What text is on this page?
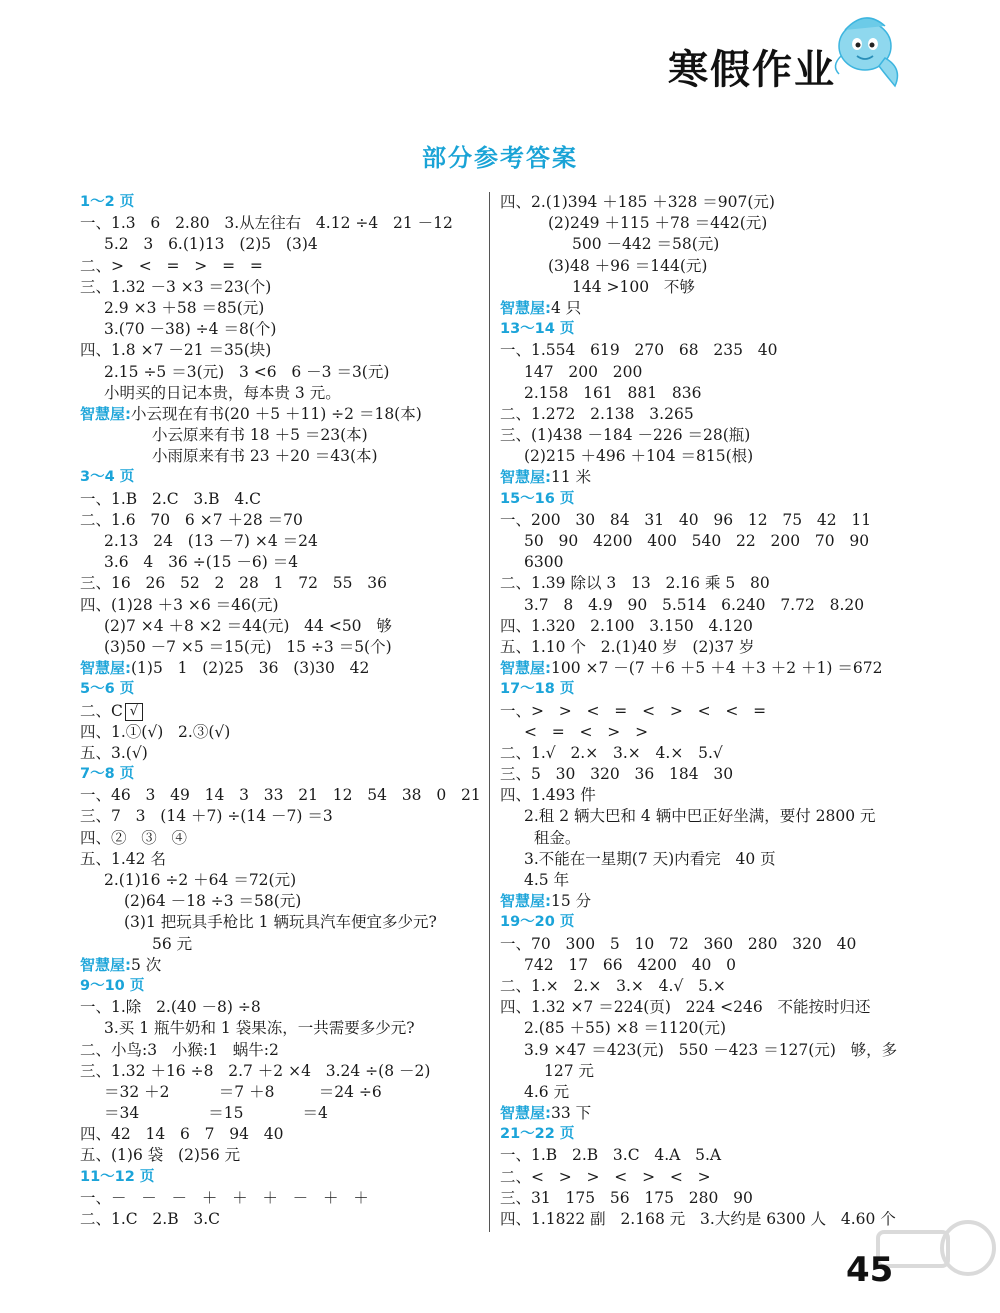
寒假作业
部分参考答案
1～2 页
一、1.3   6   2.80   3.从左往右   4.12 ÷4   21 －12
5.2   3   6.(1)13   (2)5   (3)4
二、>   <   =   >   =   =
三、1.32 －3 ×3 ＝23(个)
2.9 ×3 ＋58 ＝85(元)
3.(70 －38) ÷4 ＝8(个)
四、1.8 ×7 －21 ＝35(块)
2.15 ÷5 ＝3(元)   3 <6   6 －3 ＝3(元)
小明买的日记本贵，每本贵 3 元。
智慧屋:小云现在有书(20 ＋5 ＋11) ÷2 ＝18(本)
小云原来有书 18 ＋5 ＝23(本)
小雨原来有书 23 ＋20 ＝43(本)
3～4 页
一、1.B   2.C   3.B   4.C
二、1.6   70   6 ×7 ＋28 ＝70
2.13   24   (13 －7) ×4 ＝24
3.6   4   36 ÷(15 －6) ＝4
三、16   26   52   2   28   1   72   55   36
四、(1)28 ＋3 ×6 ＝46(元)
(2)7 ×4 ＋8 ×2 ＝44(元)   44 <50   够
(3)50 －7 ×5 ＝15(元)   15 ÷3 ＝5(个)
智慧屋:(1)5   1   (2)25   36   (3)30   42
5～6 页
二、C √
四、1.①(√)   2.③(√)
五、3.(√)
7～8 页
一、46   3   49   14   3   33   21   12   54   38   0   21
三、7   3   (14 ＋7) ÷(14 －7) ＝3
四、②   ③   ④
五、1.42 名
2.(1)16 ÷2 ＋64 ＝72(元)
(2)64 －18 ÷3 ＝58(元)
(3)1 把玩具手枪比 1 辆玩具汽车便宜多少元?
56 元
智慧屋:5 次
9～10 页
一、1.除   2.(40 －8) ÷8
3.买 1 瓶牛奶和 1 袋果冻，一共需要多少元?
二、小鸟:3   小猴:1   蜗牛:2
三、1.32 ＋16 ÷8   2.7 ＋2 ×4   3.24 ÷(8 －2)
＝32 ＋2          ＝7 ＋8         ＝24 ÷6
＝34              ＝15            ＝4
四、42   14   6   7   94   40
五、(1)6 袋   (2)56 元
11～12 页
一、－   －   －   ＋   ＋   ＋   －   ＋   ＋
二、1.C   2.B   3.C
四、2.(1)394 ＋185 ＋328 ＝907(元)
(2)249 ＋115 ＋78 ＝442(元)
500 －442 ＝58(元)
(3)48 ＋96 ＝144(元)
144 >100   不够
智慧屋:4 只
13～14 页
一、1.554   619   270   68   235   40
147   200   200
2.158   161   881   836
二、1.272   2.138   3.265
三、(1)438 －184 －226 ＝28(瓶)
(2)215 ＋496 ＋104 ＝815(根)
智慧屋:11 米
15～16 页
一、200   30   84   31   40   96   12   75   42   11
50   90   4200   400   540   22   200   70   90
6300
二、1.39 除以 3   13   2.16 乘 5   80
3.7   8   4.9   90   5.514   6.240   7.72   8.20
四、1.320   2.100   3.150   4.120
五、1.10 个   2.(1)40 岁   (2)37 岁
智慧屋:100 ×7 －(7 ＋6 ＋5 ＋4 ＋3 ＋2 ＋1) ＝672
17～18 页
一、>   >   <   =   <   >   <   <   =
<   =   <   >   >
二、1.√   2.×   3.×   4.×   5.√
三、5   30   320   36   184   30
四、1.493 件
2.租 2 辆大巴和 4 辆中巴正好坐满，要付 2800 元
租金。
3.不能在一星期(7 天)内看完   40 页
4.5 年
智慧屋:15 分
19～20 页
一、70   300   5   10   72   360   280   320   40
742   17   66   4200   40   0
二、1.×   2.×   3.×   4.√   5.×
四、1.32 ×7 ＝224(页)   224 <246   不能按时归还
2.(85 ＋55) ×8 ＝1120(元)
3.9 ×47 ＝423(元)   550 －423 ＝127(元)   够，多
127 元
4.6 元
智慧屋:33 下
21～22 页
一、1.B   2.B   3.C   4.A   5.A
二、<   >   >   <   >   <   >
三、31   175   56   175   280   90
四、1.1822 副   2.168 元   3.大约是 6300 人   4.60 个
45
